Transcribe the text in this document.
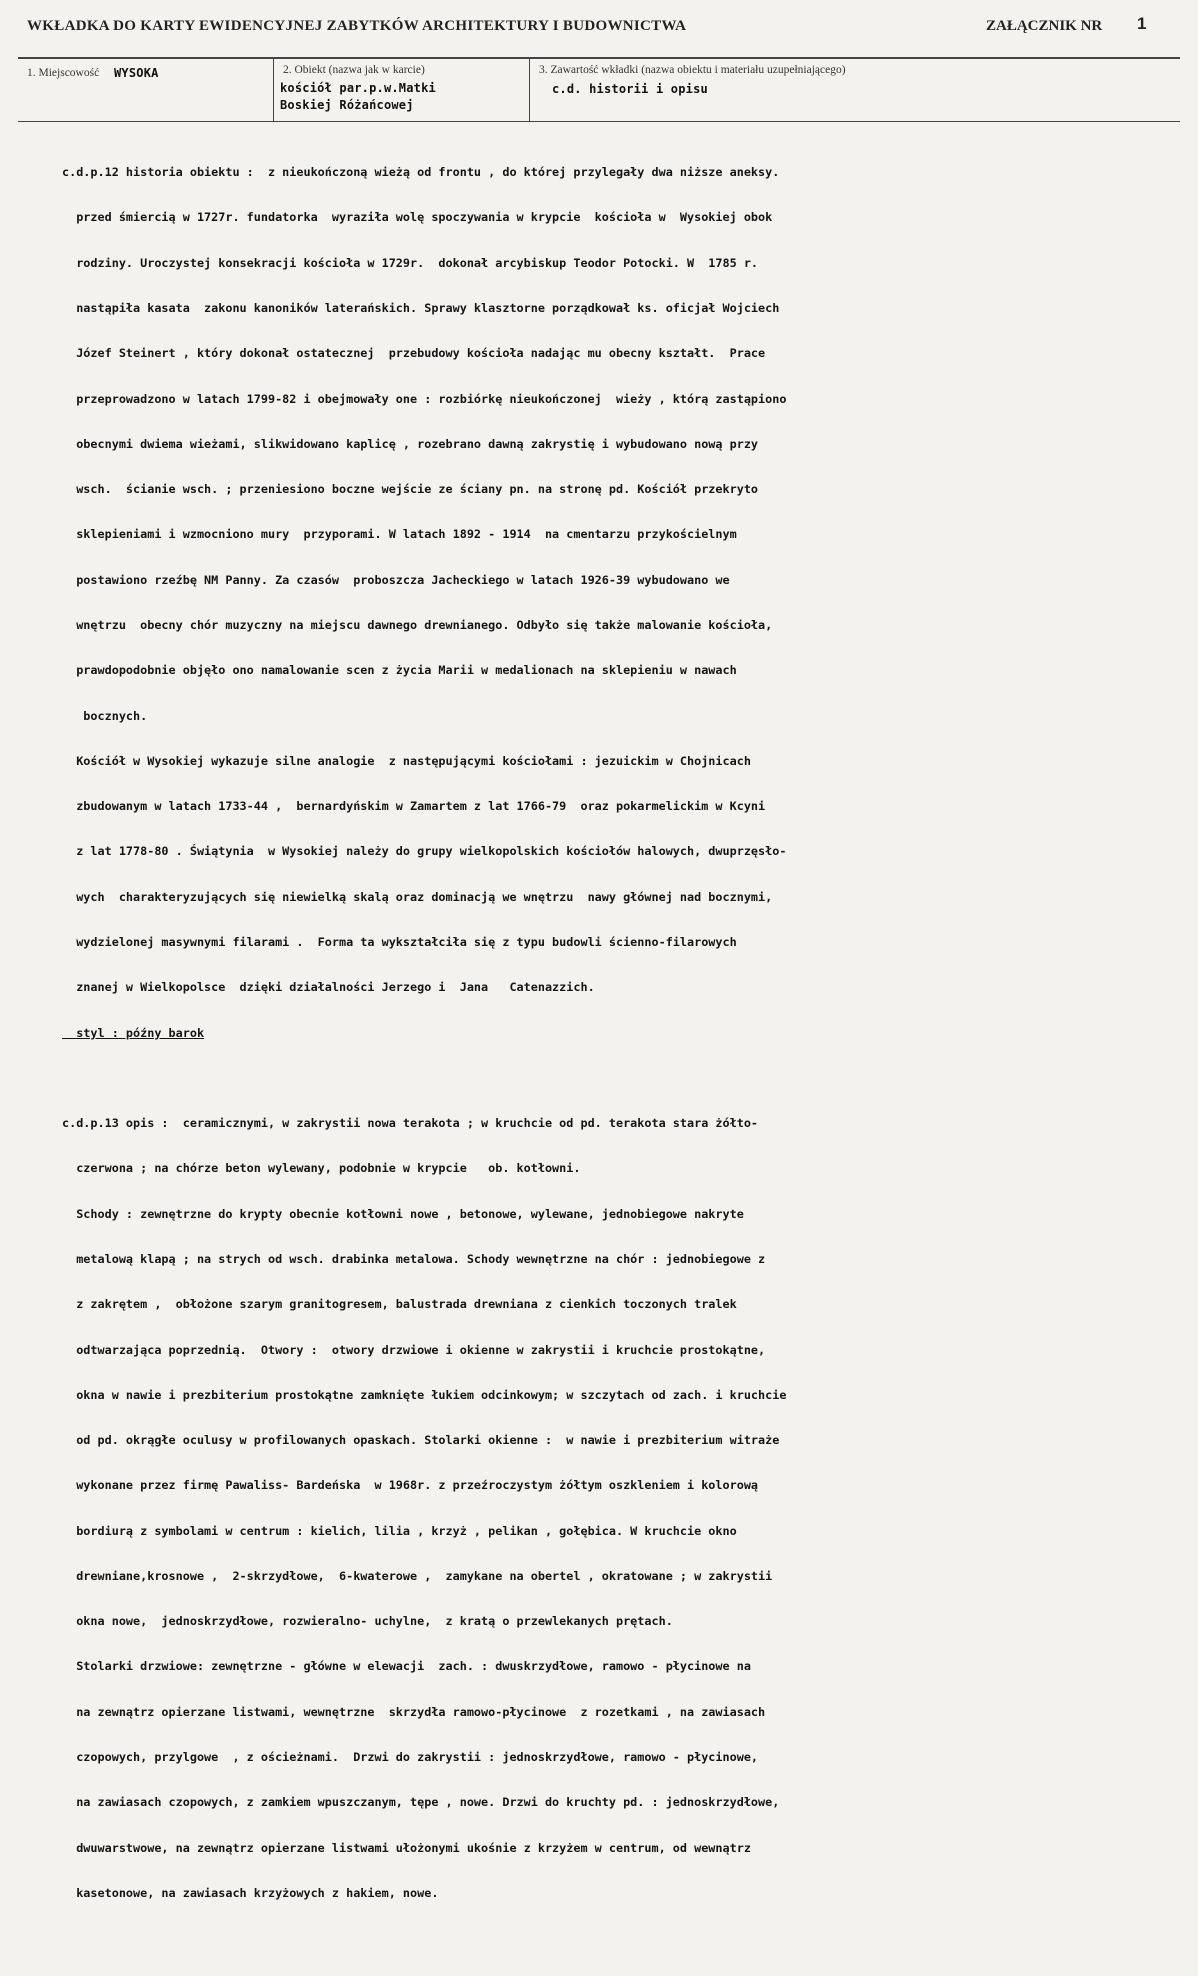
WKŁADKA DO KARTY EWIDENCYJNEJ ZABYTKÓW ARCHITEKTURY I BUDOWNICTWA	ZAŁĄCZNIK NR 1
1. Miejscowość WYSOKA	2. Obiekt (nazwa jak w karcie)
kościół par.p.w.Matki
Boskiej Różańcowej
3. Zawartość wkładki (nazwa obiektu i materiału uzupełniającego)
c.d. historii i opisu

c.d.p.12 historia obiektu :  z nieukończoną wieżą od frontu , do której przylegały dwa niższe aneksy.

przed śmiercią w 1727r. fundatorka  wyraziła wolę spoczywania w krypcie  kościoła w  Wysokiej obok

rodziny. Uroczystej konsekracji kościoła w 1729r.  dokonał arcybiskup Teodor Potocki. W  1785 r.

nastąpiła kasata  zakonu kanoników laterańskich. Sprawy klasztorne porządkował ks. oficjał Wojciech

Józef Steinert , który dokonał ostatecznej  przebudowy kościoła nadając mu obecny kształt.  Prace

przeprowadzono w latach 1799-82 i obejmowały one : rozbiórkę nieukończonej  wieży , którą zastąpiono

obecnymi dwiema wieżami, slikwidowano kaplicę , rozebrano dawną zakrystię i wybudowano nową przy

wsch.  ścianie wsch. ; przeniesiono boczne wejście ze ściany pn. na stronę pd. Kościół przekryto

sklepieniami i wzmocniono mury  przyporami. W latach 1892 - 1914  na cmentarzu przykościelnym

postawiono rzeźbę NM Panny. Za czasów  proboszcza Jacheckiego w latach 1926-39 wybudowano we

wnętrzu  obecny chór muzyczny na miejscu dawnego drewnianego. Odbyło się także malowanie kościoła,

prawdopodobnie objęło ono namalowanie scen z życia Marii w medalionach na sklepieniu w nawach

bocznych.

Kościół w Wysokiej wykazuje silne analogie  z następującymi kościołami : jezuickim w Chojnicach

zbudowanym w latach 1733-44 ,  bernardyńskim w Zamartem z lat 1766-79  oraz pokarmelickim w Kcyni

z lat 1778-80 . Świątynia  w Wysokiej należy do grupy wielkopolskich kościołów halowych, dwuprzęsło-

wych  charakteryzujących się niewielką skalą oraz dominacją we wnętrzu  nawy głównej nad bocznymi,

wydzielonej masywnymi filarami .  Forma ta wykształciła się z typu budowli ścienno-filarowych

znanej w Wielkopolsce  dzięki działalności Jerzego i  Jana   Catenazzich.

styl : późny barok

c.d.p.13 opis :  ceramicznymi, w zakrystii nowa terakota ; w kruchcie od pd. terakota stara żółto-

czerwona ; na chórze beton wylewany, podobnie w krypcie   ob. kotłowni.

Schody : zewnętrzne do krypty obecnie kotłowni nowe , betonowe, wylewane, jednobiegowe nakryte

metalową klapą ; na strych od wsch. drabinka metalowa. Schody wewnętrzne na chór : jednobiegowe z

z zakrętem ,  obłożone szarym granitogresem, balustrada drewniana z cienkich toczonych tralek

odtwarzająca poprzednią.  Otwory :  otwory drzwiowe i okienne w zakrystii i kruchcie prostokątne,

okna w nawie i prezbiterium prostokątne zamknięte łukiem odcinkowym; w szczytach od zach. i kruchcie

od pd. okrągłe oculusy w profilowanych opaskach. Stolarki okienne :  w nawie i prezbiterium witraże

wykonane przez firmę Pawaliss- Bardeńska  w 1968r. z przeźroczystym żółtym oszkleniem i kolorową

bordiurą z symbolami w centrum : kielich, lilia , krzyż , pelikan , gołębica. W kruchcie okno

drewniane,krosnowe ,  2-skrzydłowe,  6-kwaterowe ,  zamykane na obertel , okratowane ; w zakrystii

okna nowe,  jednoskrzydłowe, rozwieralno- uchylne,  z kratą o przewlekanych prętach.

Stolarki drzwiowe: zewnętrzne - główne w elewacji  zach. : dwuskrzydłowe, ramowo - płycinowe na

na zewnątrz opierzane listwami, wewnętrzne  skrzydła ramowo-płycinowe  z rozetkami , na zawiasach

czopowych, przylgowe  , z ościeżnami.  Drzwi do zakrystii : jednoskrzydłowe, ramowo - płycinowe,

na zawiasach czopowych, z zamkiem wpuszczanym, tępe , nowe. Drzwi do kruchty pd. : jednoskrzydłowe,

dwuwarstwowe, na zewnątrz opierzane listwami ułożonymi ukośnie z krzyżem w centrum, od wewnątrz

kasetonowe, na zawiasach krzyżowych z hakiem, nowe.
